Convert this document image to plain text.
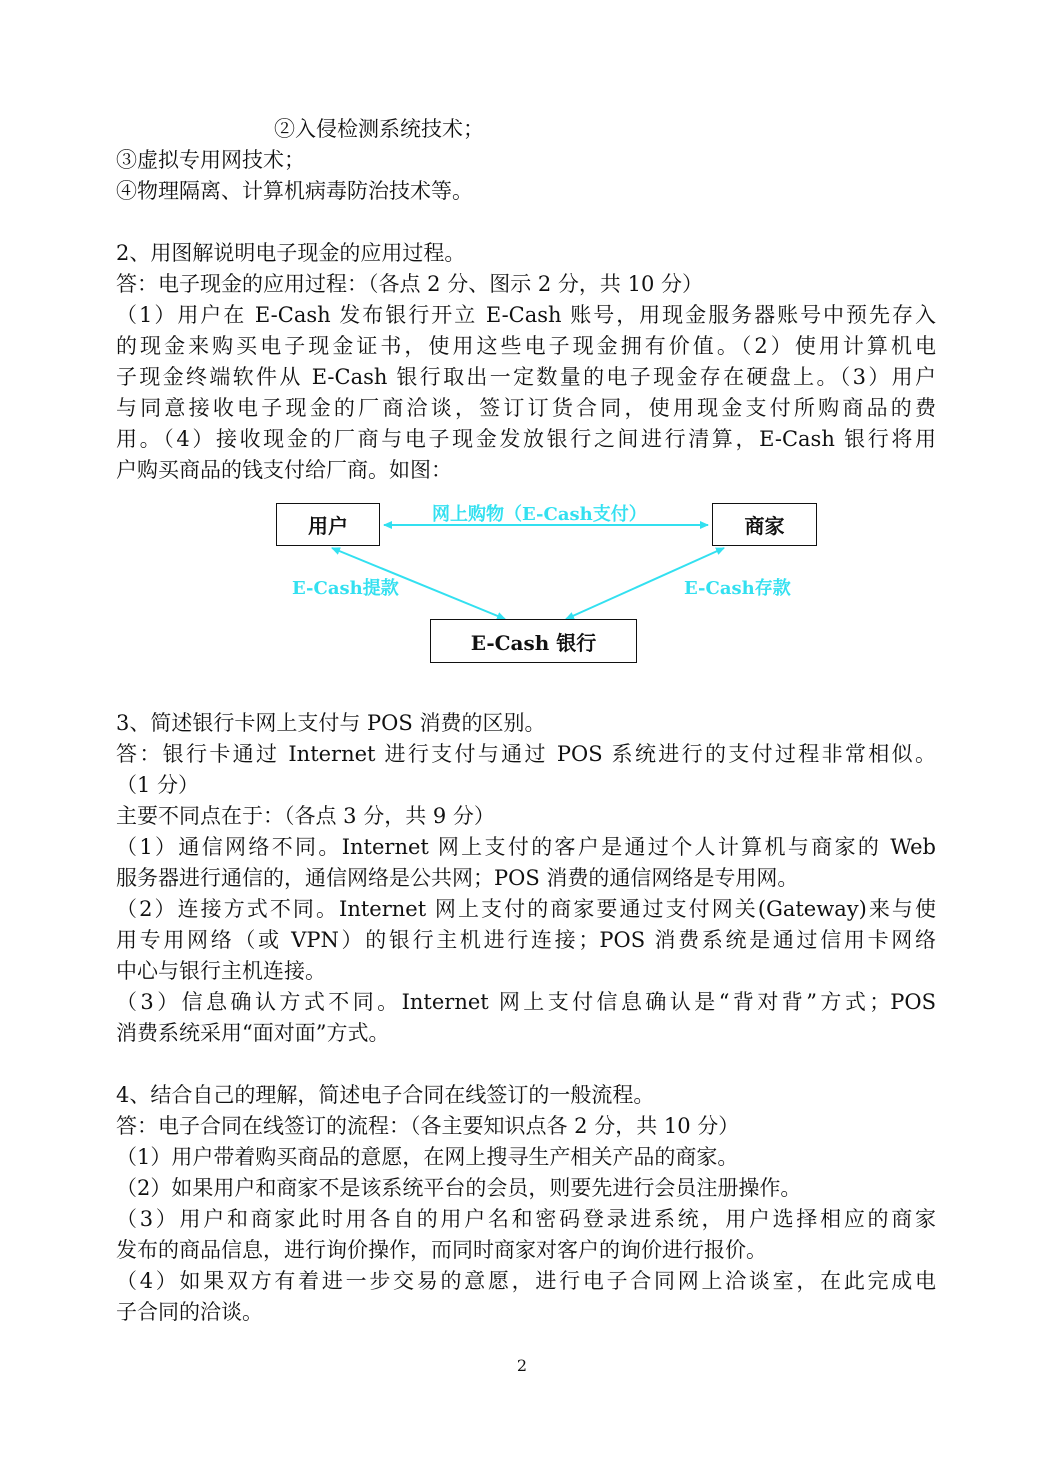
②入侵检测系统技术；
③虚拟专用网技术；
④物理隔离、计算机病毒防治技术等。
2、用图解说明电子现金的应用过程。
答：电子现金的应用过程：（各点 2 分、图示 2 分，共 10 分）
（1）用户在 E-Cash 发布银行开立 E-Cash 账号，用现金服务器账号中预先存入
的现金来购买电子现金证书，使用这些电子现金拥有价值。（2）使用计算机电
子现金终端软件从 E-Cash 银行取出一定数量的电子现金存在硬盘上。（3）用户
与同意接收电子现金的厂商洽谈，签订订货合同，使用现金支付所购商品的费
用。（4）接收现金的厂商与电子现金发放银行之间进行清算，E-Cash 银行将用
户购买商品的钱支付给厂商。如图：
用户	商家
E-Cash 银行
网上购物（E-Cash支付）
E-Cash提款	E-Cash存款
3、简述银行卡网上支付与 POS 消费的区别。
答：银行卡通过 Internet 进行支付与通过 POS 系统进行的支付过程非常相似。
（1 分）
主要不同点在于：（各点 3 分，共 9 分）
（1）通信网络不同。Internet 网上支付的客户是通过个人计算机与商家的 Web
服务器进行通信的，通信网络是公共网；POS 消费的通信网络是专用网。
（2）连接方式不同。Internet 网上支付的商家要通过支付网关(Gateway)来与使
用专用网络（或 VPN）的银行主机进行连接；POS 消费系统是通过信用卡网络
中心与银行主机连接。
（3）信息确认方式不同。Internet 网上支付信息确认是“背对背”方式；POS
消费系统采用“面对面”方式。
4、结合自己的理解，简述电子合同在线签订的一般流程。
答：电子合同在线签订的流程：（各主要知识点各 2 分，共 10 分）
（1）用户带着购买商品的意愿，在网上搜寻生产相关产品的商家。
（2）如果用户和商家不是该系统平台的会员，则要先进行会员注册操作。
（3）用户和商家此时用各自的用户名和密码登录进系统，用户选择相应的商家
发布的商品信息，进行询价操作，而同时商家对客户的询价进行报价。
（4）如果双方有着进一步交易的意愿，进行电子合同网上洽谈室，在此完成电
子合同的洽谈。
2
